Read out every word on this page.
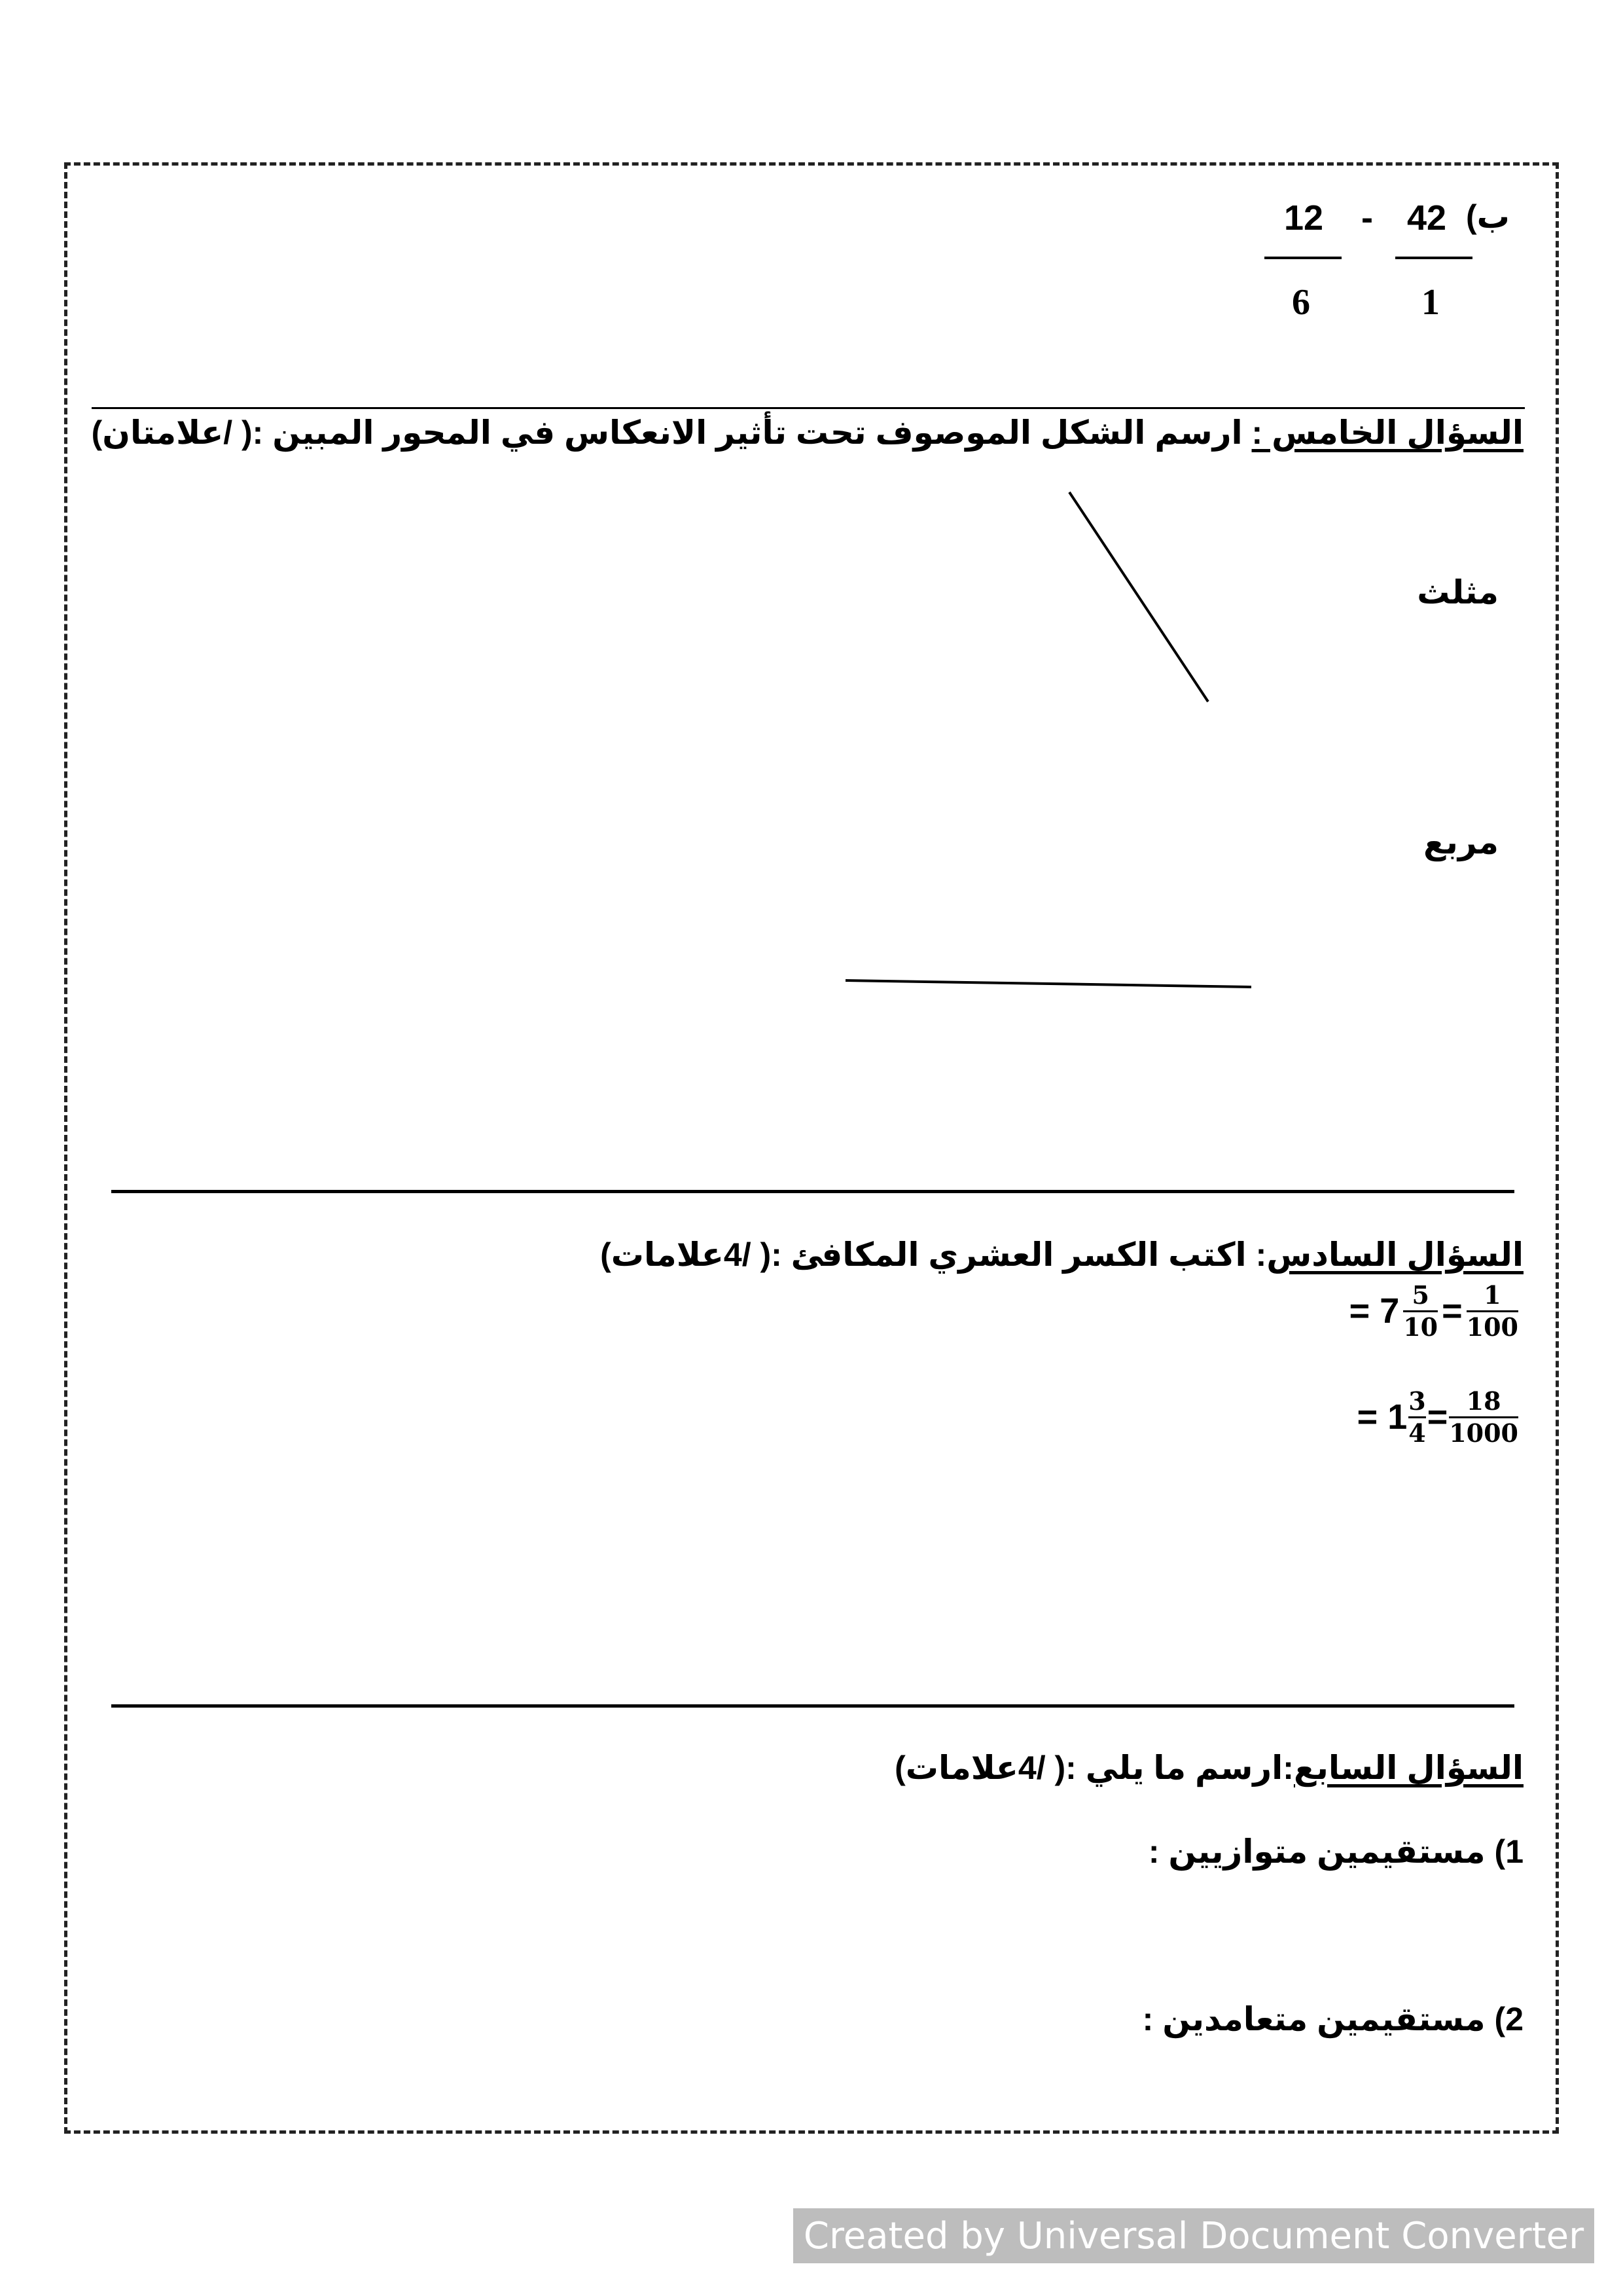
ب)
42
1
-
12
6
السؤال الخامس : ارسم الشكل الموصوف تحت تأثير الانعكاس في المحور المبين :( /علامتان)
مثلث
مربع
السؤال السادس: اكتب الكسر العشري المكافئ :( /4علامات)
= $7 \frac{5}{10} = \frac{1}{100}$
= $1 \frac{3}{4} = \frac{18}{1000}$
السؤال السابع:ارسم ما يلي :( /4علامات)
1) مستقيمين متوازيين :
2) مستقيمين متعامدين :
Created by Universal Document Converter
